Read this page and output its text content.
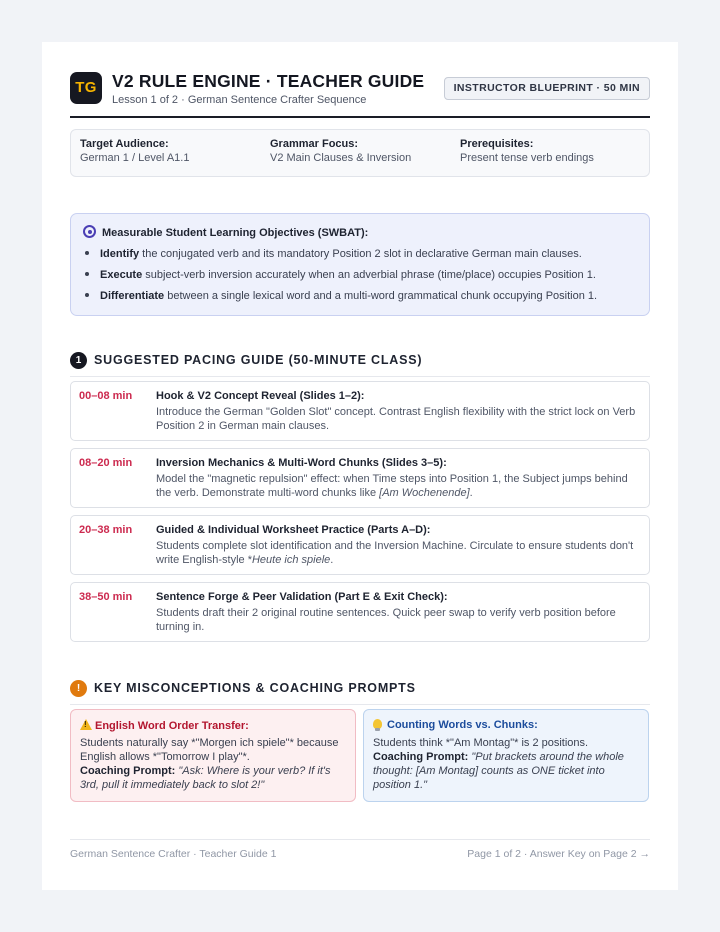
TG V2 RULE ENGINE · TEACHER GUIDE
Lesson 1 of 2 · German Sentence Crafter Sequence
INSTRUCTOR BLUEPRINT · 50 MIN
Target Audience:
German 1 / Level A1.1
Grammar Focus:
V2 Main Clauses & Inversion
Prerequisites:
Present tense verb endings
Measurable Student Learning Objectives (SWBAT):
Identify the conjugated verb and its mandatory Position 2 slot in declarative German main clauses.
Execute subject-verb inversion accurately when an adverbial phrase (time/place) occupies Position 1.
Differentiate between a single lexical word and a multi-word grammatical chunk occupying Position 1.
1	SUGGESTED PACING GUIDE (50-MINUTE CLASS)
00–08 min Hook & V2 Concept Reveal (Slides 1–2):
Introduce the German "Golden Slot" concept. Contrast English flexibility with the strict lock on Verb Position 2 in German main clauses.
08–20 min Inversion Mechanics & Multi-Word Chunks (Slides 3–5):
Model the "magnetic repulsion" effect: when Time steps into Position 1, the Subject jumps behind the verb. Demonstrate multi-word chunks like [Am Wochenende].
20–38 min Guided & Individual Worksheet Practice (Parts A–D):
Students complete slot identification and the Inversion Machine. Circulate to ensure students don't write English-style *Heute ich spiele.
38–50 min Sentence Forge & Peer Validation (Part E & Exit Check):
Students draft their 2 original routine sentences. Quick peer swap to verify verb position before turning in.
!	KEY MISCONCEPTIONS & COACHING PROMPTS
!English Word Order Transfer:
Students naturally say *"Morgen ich spiele"* because English allows *"Tomorrow I play"*.
Coaching Prompt: "Ask: Where is your verb? If it's 3rd, pull it immediately back to slot 2!"
Counting Words vs. Chunks:
Students think *"Am Montag"* is 2 positions.
Coaching Prompt: "Put brackets around the whole thought: [Am Montag] counts as ONE ticket into position 1."
German Sentence Crafter · Teacher Guide 1	Page 1 of 2 · Answer Key on Page 2 →
